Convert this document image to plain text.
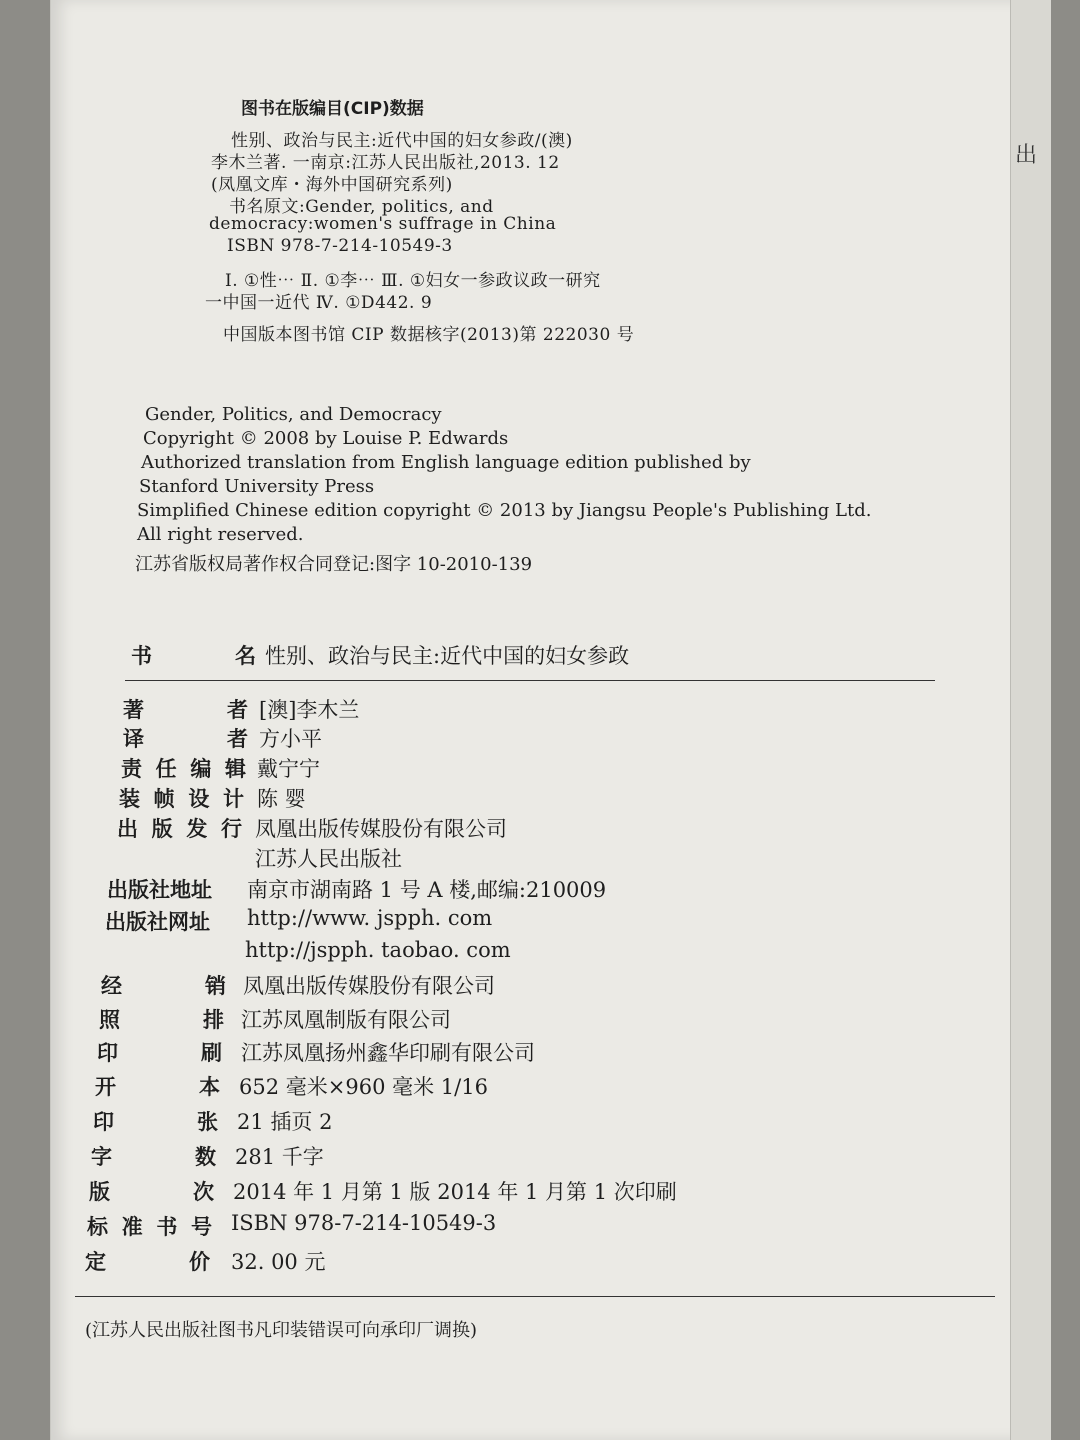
出
图书在版编目(CIP)数据
性别、政治与民主:近代中国的妇女参政/(澳)
李木兰著. 一南京:江苏人民出版社,2013. 12
(凤凰文库・海外中国研究系列)
书名原文:Gender, politics, and
democracy:women's suffrage in China
ISBN 978-7-214-10549-3
Ⅰ. ①性⋯ Ⅱ. ①李⋯ Ⅲ. ①妇女一参政议政一研究
一中国一近代 Ⅳ. ①D442. 9
中国版本图书馆 CIP 数据核字(2013)第 222030 号
Gender, Politics, and Democracy
Copyright © 2008 by Louise P. Edwards
Authorized translation from English language edition published by
Stanford University Press
Simplified Chinese edition copyright © 2013 by Jiangsu People's Publishing Ltd.
All right reserved.
江苏省版权局著作权合同登记:图字 10-2010-139
书	名 性别、政治与民主:近代中国的妇女参政
著	者 [澳]李木兰
译	者 方小平
责 任 编 辑 戴宁宁
装 帧 设 计 陈 婴
出 版 发 行 凤凰出版传媒股份有限公司
江苏人民出版社
出版社地址 南京市湖南路 1 号 A 楼,邮编:210009
出版社网址 http://www. jspph. com
http://jspph. taobao. com
经	销 凤凰出版传媒股份有限公司
照	排 江苏凤凰制版有限公司
印	刷 江苏凤凰扬州鑫华印刷有限公司
开	本 652 毫米×960 毫米 1/16
印	张 21 插页 2
字	数 281 千字
版	次 2014 年 1 月第 1 版 2014 年 1 月第 1 次印刷
标 准 书 号 ISBN 978-7-214-10549-3
定	价 32. 00 元
(江苏人民出版社图书凡印装错误可向承印厂调换)
